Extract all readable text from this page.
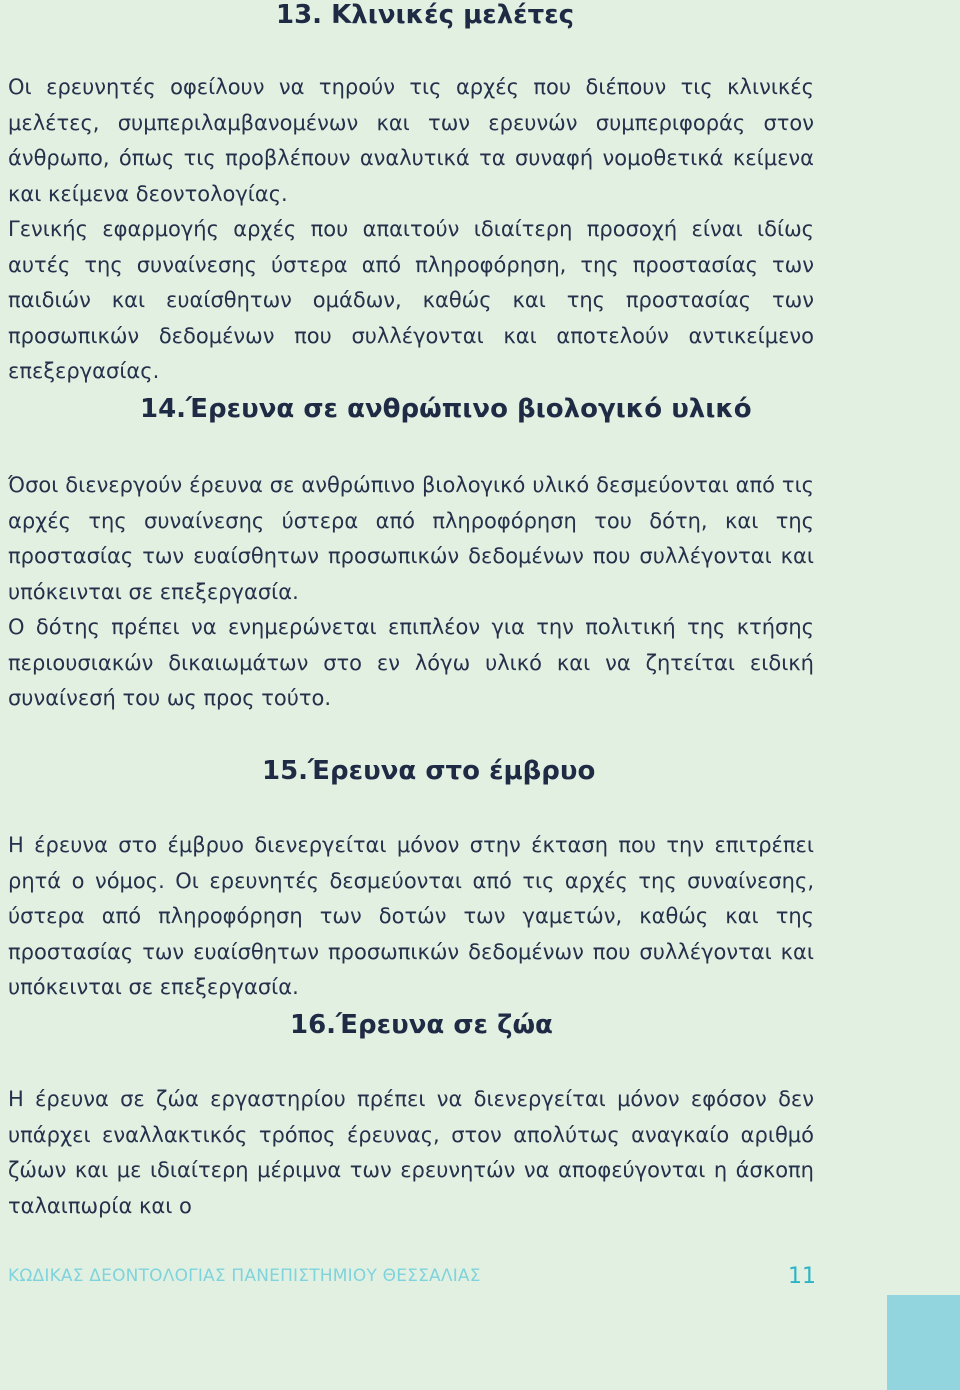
13. Κλινικές μελέτες

Οι ερευνητές οφείλουν να τηρούν τις αρχές που διέπουν τις κλινικές μελέτες, συμπεριλαμβανομένων και των ερευνών συμπεριφοράς στον άνθρωπο, όπως τις προβλέπουν αναλυτικά τα συναφή νομοθετικά κείμενα και κείμενα δεοντολογίας.

Γενικής εφαρμογής αρχές που απαιτούν ιδιαίτερη προσοχή είναι ιδίως αυτές της συναίνεσης ύστερα από πληροφόρηση, της προστασίας των παιδιών και ευαίσθητων ομάδων, καθώς και της προστασίας των προσωπικών δεδομένων που συλλέγονται και αποτελούν αντικείμενο επεξεργασίας.

14.Έρευνα σε ανθρώπινο βιολογικό υλικό

Όσοι διενεργούν έρευνα σε ανθρώπινο βιολογικό υλικό δεσμεύονται από τις αρχές της συναίνεσης ύστερα από πληροφόρηση του δότη, και της προστασίας των ευαίσθητων προσωπικών δεδομένων που συλλέγονται και υπόκεινται σε επεξεργασία.

Ο δότης πρέπει να ενημερώνεται επιπλέον για την πολιτική της κτήσης περιουσιακών δικαιωμάτων στο εν λόγω υλικό και να ζητείται ειδική συναίνεσή του ως προς τούτο.

15.Έρευνα στο έμβρυο

Η έρευνα στο έμβρυο διενεργείται μόνον στην έκταση που την επιτρέπει ρητά ο νόμος. Οι ερευνητές δεσμεύονται από τις αρχές της συναίνεσης, ύστερα από πληροφόρηση των δοτών των γαμετών, καθώς και της προστασίας των ευαίσθητων προσωπικών δεδομένων που συλλέγονται και υπόκεινται σε επεξεργασία.

16.Έρευνα σε ζώα

Η έρευνα σε ζώα εργαστηρίου πρέπει να διενεργείται μόνον εφόσον δεν υπάρχει εναλλακτικός τρόπος έρευνας, στον απολύτως αναγκαίο αριθμό ζώων και με ιδιαίτερη μέριμνα των ερευνητών να αποφεύγονται η άσκοπη ταλαιπωρία και ο

ΚΩΔΙΚΑΣ ΔΕΟΝΤΟΛΟΓΙΑΣ ΠΑΝΕΠΙΣΤΗΜΙΟΥ ΘΕΣΣΑΛΙΑΣ	11
